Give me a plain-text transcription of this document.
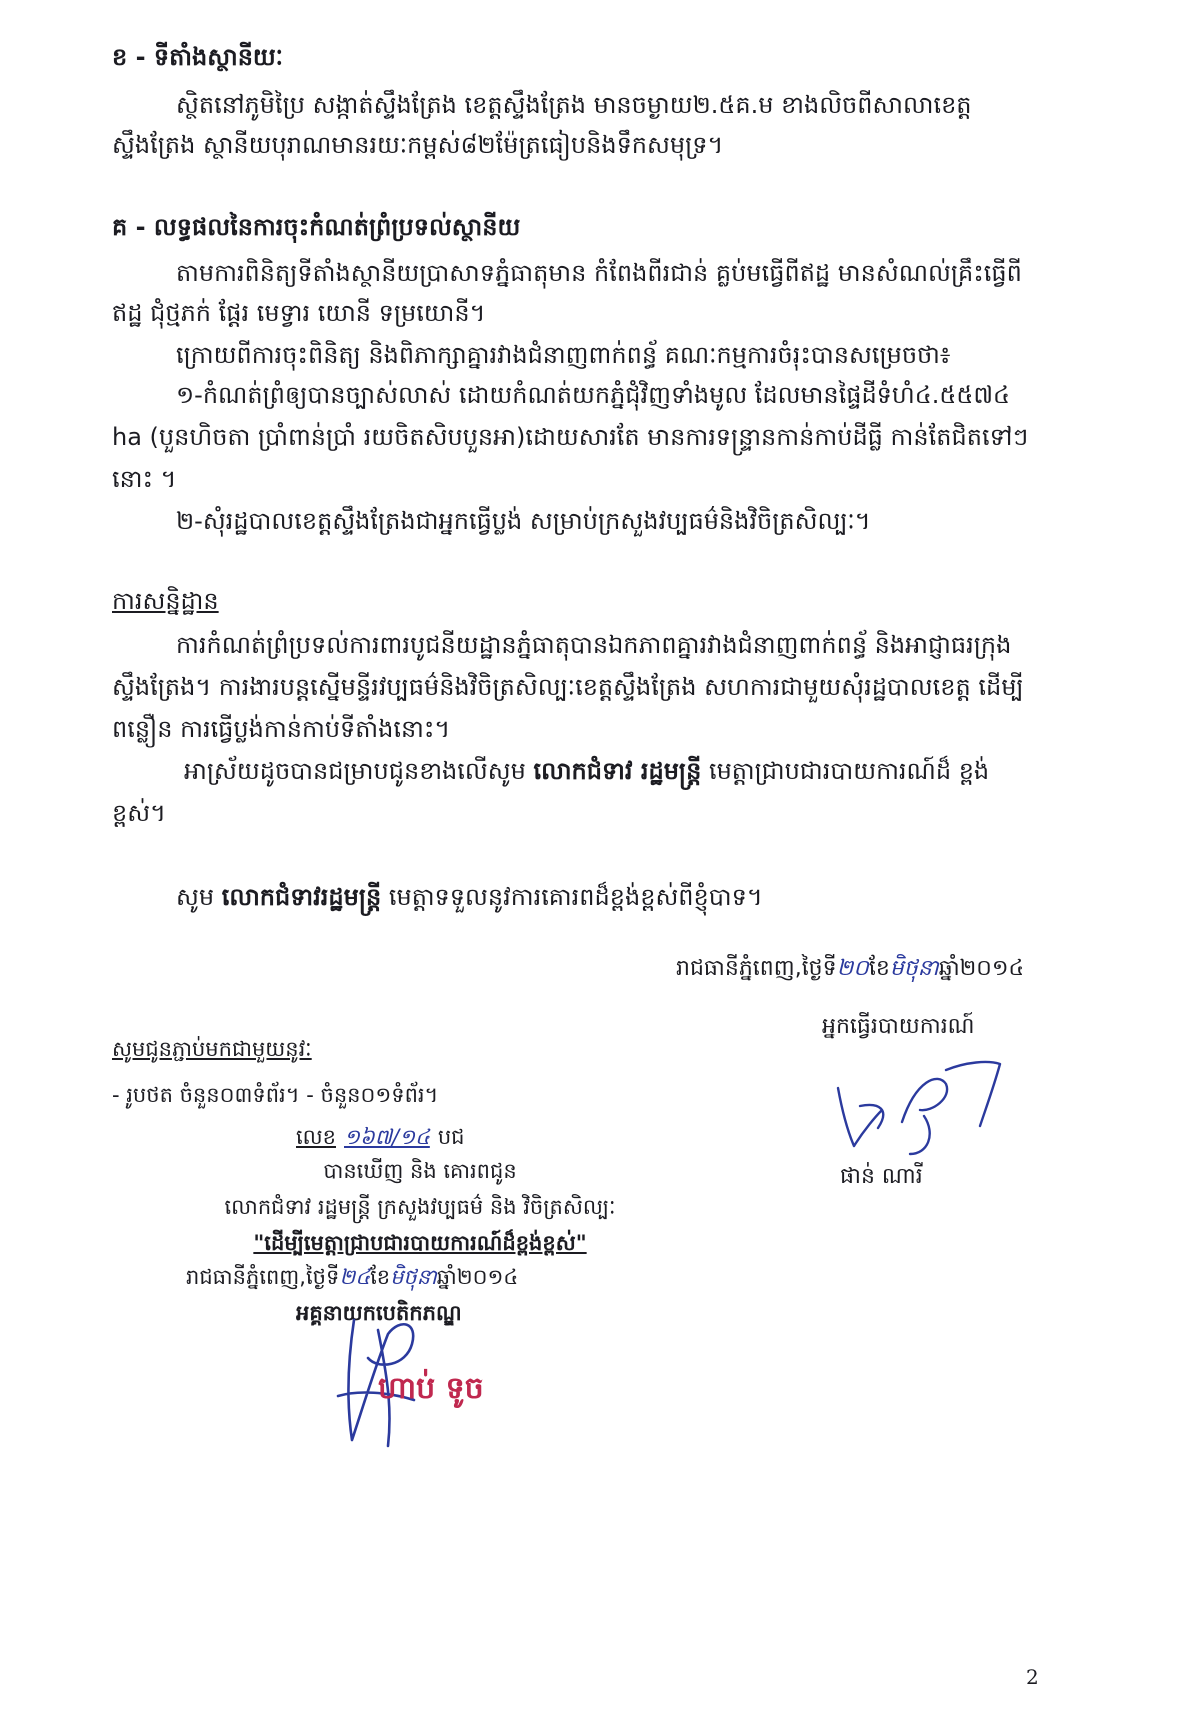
ខ - ទីតាំងស្ថានីយៈ
ស្ថិតនៅភូមិប្រៃ សង្កាត់ស្ទឹងត្រែង ខេត្តស្ទឹងត្រែង មានចម្ងាយ២.៥គ.ម ខាងលិចពីសាលាខេត្ត
ស្ទឹងត្រែង ស្ថានីយបុរាណមានរយៈកម្ពស់៨២ម៉ែត្រធៀបនិងទឹកសមុទ្រ។
គ - លទ្ធផលនៃការចុះកំណត់ព្រំប្រទល់ស្ថានីយ
តាមការពិនិត្យទីតាំងស្ថានីយប្រាសាទភ្នំធាតុមាន កំពែងពីរជាន់ គ្លប់មធ្វើពីឥដ្ឋ មានសំណល់គ្រឹះធ្វើពី
ឥដ្ឋ ជុំថ្មភក់ ផ្តែរ មេទ្វារ យោនី ទម្រយោនី។
ក្រោយពីការចុះពិនិត្យ និងពិភាក្សាគ្នារវាងជំនាញពាក់ពន្ធ័ គណៈកម្មការចំរុះបានសម្រេចថា៖
១-កំណត់ព្រំឲ្យបានច្បាស់លាស់ ដោយកំណត់យកភ្នំជុំវិញទាំងមូល ដែលមានផ្ទៃដីទំហំ៤.៥៥៧៤
ha (បួនហិចតា ប្រាំពាន់ប្រាំ រយចិតសិបបួនអា)ដោយសារតែ មានការទន្រ្ទានកាន់កាប់ដីធ្លី កាន់តែជិតទៅៗ
នោះ ។
២-សុំរដ្ឋបាលខេត្តស្ទឹងត្រែងជាអ្នកធ្វើប្លង់ សម្រាប់ក្រសួងវប្បធម៌និងវិចិត្រសិល្បៈ។
ការសន្និដ្ឋាន
ការកំណត់ព្រំប្រទល់ការពារបូជនីយដ្ឋានភ្នំធាតុបានឯកភាពគ្នារវាងជំនាញពាក់ពន្ធ័ និងអាជ្ញាធរក្រុង
ស្ទឹងត្រែង។ ការងារបន្តស្នើមន្ទីរវប្បធម៌និងវិចិត្រសិល្បៈខេត្តស្ទឹងត្រែង សហការជាមួយសុំរដ្ឋបាលខេត្ត ដើម្បី
ពន្លឿន ការធ្វើប្លង់កាន់កាប់ទីតាំងនោះ។
អាស្រ័យដូចបានជម្រាបជូនខាងលើសូម លោកជំទាវ រដ្ឋមន្ត្រី មេត្តាជ្រាបជារបាយការណ៍ដ៏ ខ្ពង់
ខ្ពស់។
សូម លោកជំទាវរដ្ឋមន្ត្រី មេត្តាទទួលនូវការគោរពដ៏ខ្ពង់ខ្ពស់ពីខ្ញុំបាទ។
រាជធានីភ្នំពេញ,ថ្ងៃទី២០ខែមិថុនាឆ្នាំ២០១៤
អ្នកធ្វើរបាយការណ៍
ផាន់ ណារី
សូមជូនភ្ជាប់មកជាមួយនូវៈ
- រូបថត ចំនួន០៣ទំព័រ។ - ចំនួន០១ទំព័រ។
លេខ ១៦៧/១៤ បជ
បានឃើញ និង គោរពជូន
លោកជំទាវ រដ្ឋមន្ត្រី ក្រសួងវប្បធម៌ និង វិចិត្រសិល្បៈ
"ដើម្បីមេត្តាជ្រាបជារបាយការណ៍ដ៏ខ្ពង់ខ្ពស់"
រាជធានីភ្នំពេញ,ថ្ងៃទី២៤ខែមិថុនាឆ្នាំ២០១៤
អគ្គនាយកបេតិកភណ្ឌ
ហាប់ ទូច
2
